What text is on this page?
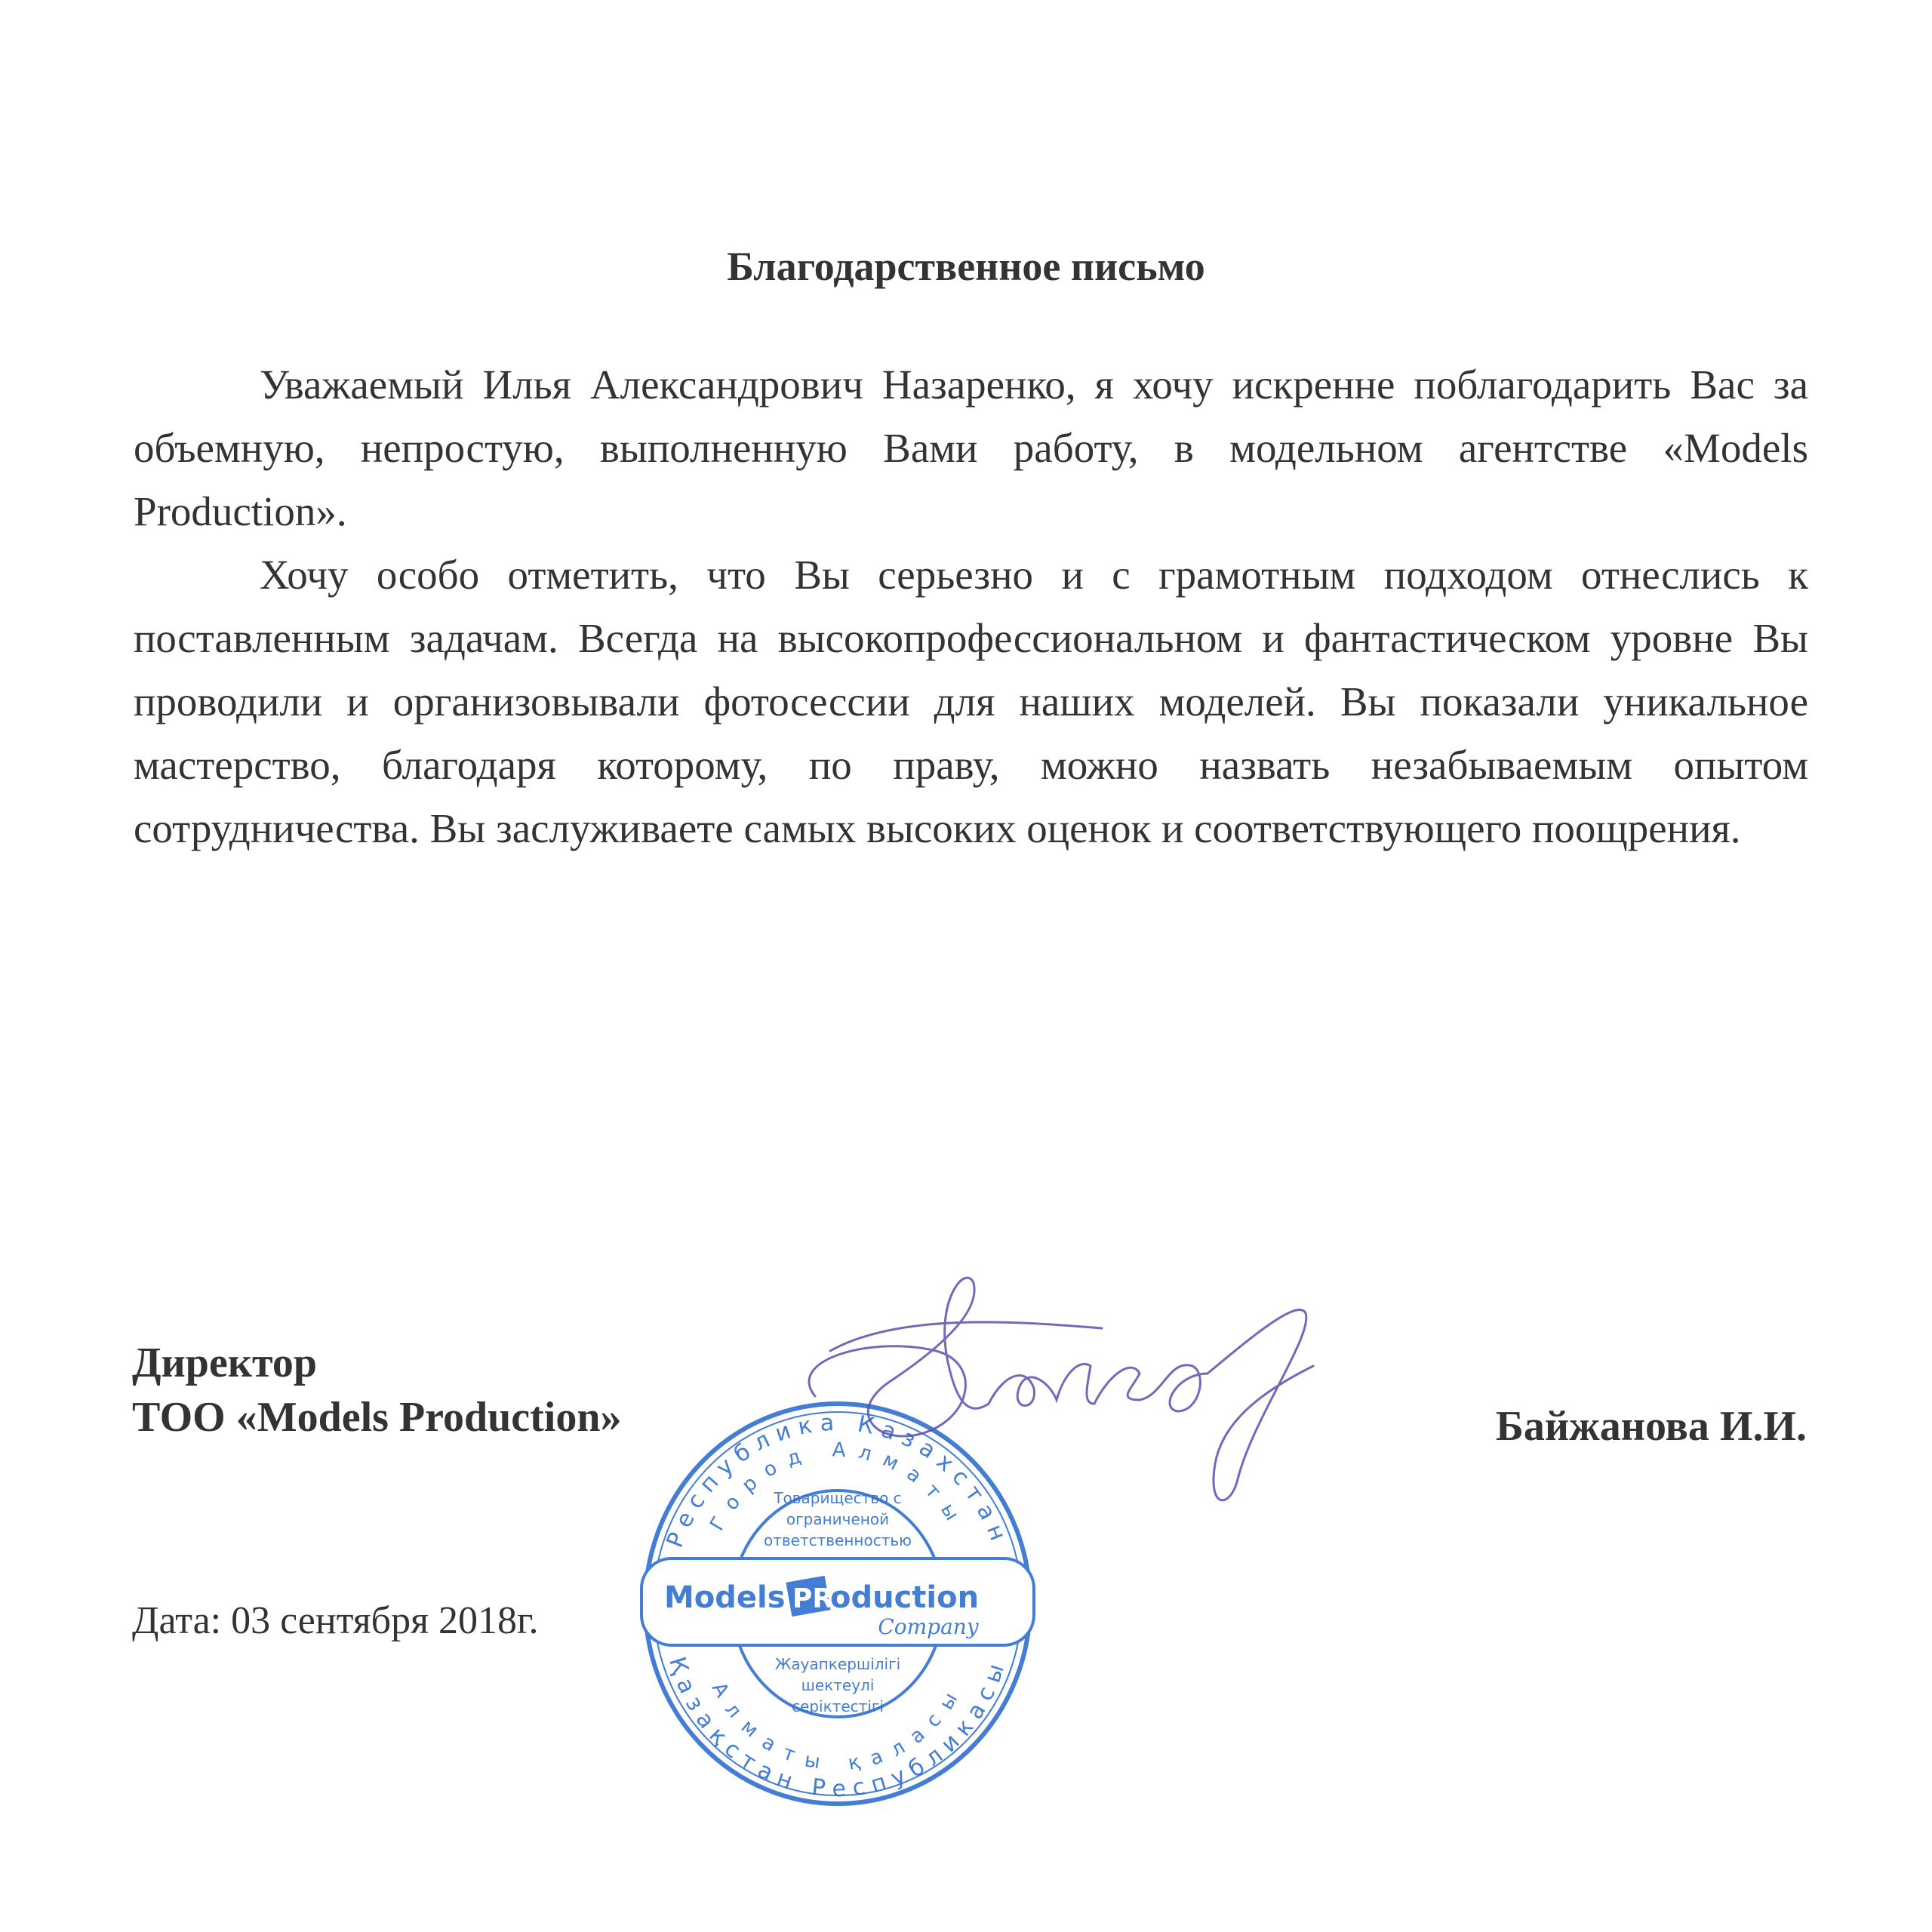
Благодарственное письмо

Уважаемый Илья Александрович Назаренко, я хочу искренне поблагодарить Вас за объемную, непростую, выполненную Вами работу, в модельном агентстве «Models Production».

Хочу особо отметить, что Вы серьезно и с грамотным подходом отнеслись к поставленным задачам. Всегда на высокопрофессиональном и фантастическом уровне Вы проводили и организовывали фотосессии для наших моделей. Вы показали уникальное мастерство, благодаря которому, по праву, можно назвать незабываемым опытом сотрудничества. Вы заслуживаете самых высоких оценок и соответствующего поощрения.

Директор
ТОО «Models Production»	Байжанова И.И.
Дата: 03 сентября 2018г.
Республика Казахстан
Город Алматы
Қазақстан Республикасы
Алматы қаласы
Товарищество с
ограниченой
ответственностью
Models PR
oduction
Company
Жауапкершілігі
шектеулі
серіктестігі
